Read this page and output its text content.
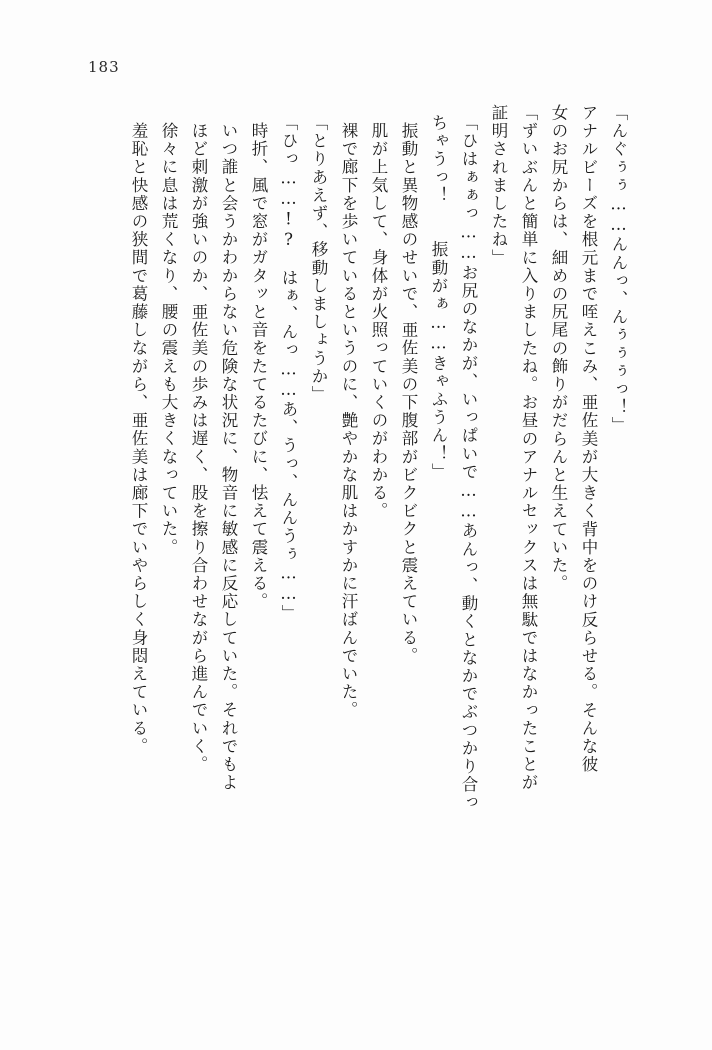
183
羞恥と快感の狭間で葛藤しながら、亜佐美は廊下でいやらしく身悶えている。 徐々に息は荒くなり、腰の震えも大きくなっていた。 ほど刺激が強いのか、亜佐美の歩みは遅く、股を擦り合わせながら進んでいく。 いつ誰と会うかわからない危険な状況に、物音に敏感に反応していた。それでもよ 時折、風で窓がガタッと音をたてるたびに、怯えて震える。 「ひっ……!?　はぁ、んっ……あ、うっ、んんうぅ……」 「とりあえず、移動しましょうか」 裸で廊下を歩いているというのに、艶やかな肌はかすかに汗ばんでいた。 肌が上気して、身体が火照っていくのがわかる。 振動と異物感のせいで、亜佐美の下腹部がビクビクと震えている。 ちゃうっ！　　振動がぁ……きゃふうん！」 「ひはぁぁっ……お尻のなかが、いっぱいで……あんっ、動くとなかでぶつかり合っ 証明されましたね」 「ずいぶんと簡単に入りましたね。お昼のアナルセックスは無駄ではなかったことが 女のお尻からは、細めの尻尾の飾りがだらんと生えていた。 アナルビーズを根元まで咥えこみ、亜佐美が大きく背中をのけ反らせる。そんな彼 「んぐぅぅ……んんっ、んぅぅぅっ！」
